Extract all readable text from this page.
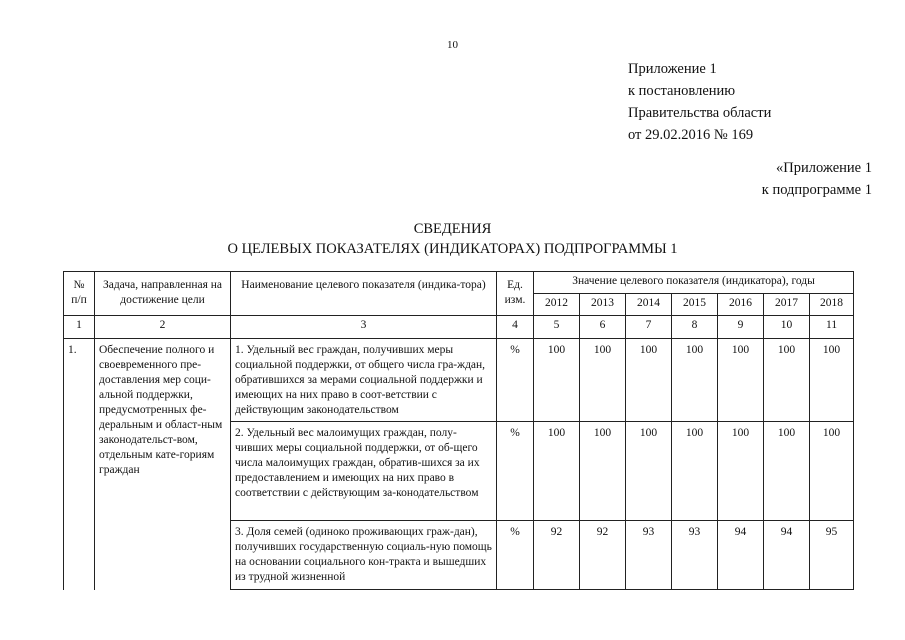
10
Приложение 1
к постановлению
Правительства области
от 29.02.2016 № 169
«Приложение 1
к подпрограмме 1
СВЕДЕНИЯ
О ЦЕЛЕВЫХ ПОКАЗАТЕЛЯХ (ИНДИКАТОРАХ) ПОДПРОГРАММЫ 1
№ п/п	Задача, направленная на достижение цели	Наименование целевого показателя (индика-тора)	Ед. изм.	Значение целевого показателя (индикатора), годы						
				2012	2013	2014	2015	2016	2017	2018
1	2	3	4	5	6	7	8	9	10	11
1.	Обеспечение полного и своевременного пре-доставления мер соци-альной поддержки, предусмотренных фе-деральным и област-ным законодательст-вом, отдельным кате-гориям граждан	1. Удельный вес граждан, получивших меры социальной поддержки, от общего числа гра-ждан, обратившихся за мерами социальной поддержки и имеющих на них право в соот-ветствии с действующим законодательством	%	100	100	100	100	100	100	100
		2. Удельный вес малоимущих граждан, полу-чивших меры социальной поддержки, от об-щего числа малоимущих граждан, обратив-шихся за их предоставлением и имеющих на них право в соответствии с действующим за-конодательством	%	100	100	100	100	100	100	100
		3. Доля семей (одиноко проживающих граж-дан), получивших государственную социаль-ную помощь на основании социального кон-тракта и вышедших из трудной жизненной	%	92	92	93	93	94	94	95
